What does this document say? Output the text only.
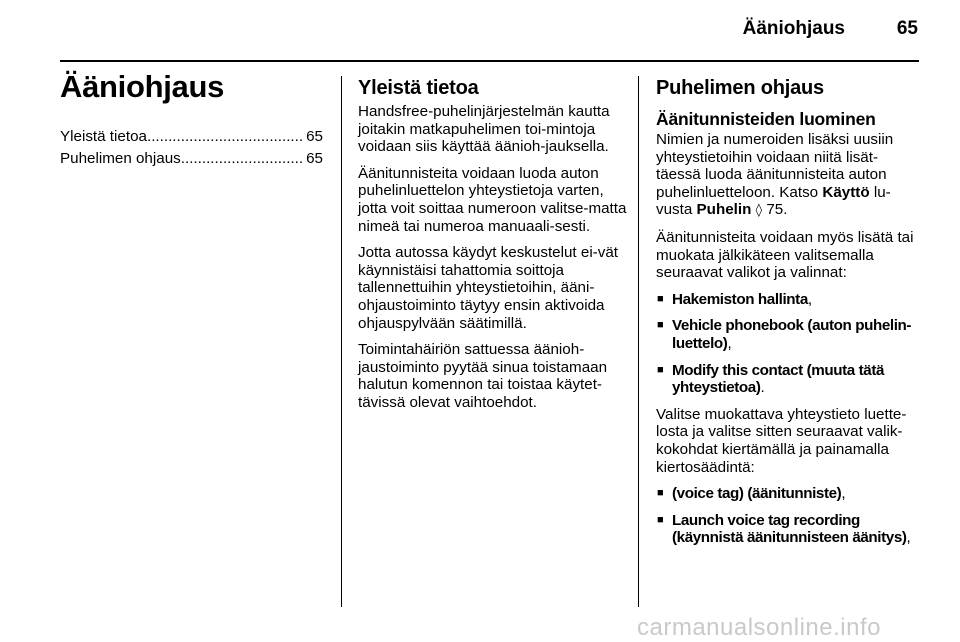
Ääniohjaus	65
Ääniohjaus
Yleistä tietoa .....	65
Puhelimen ohjaus .....	65
Yleistä tietoa

Handsfree-puhelinjärjestelmän kautta joitakin matkapuhelimen toi-mintoja voidaan siis käyttää äänioh-jauksella.

Äänitunnisteita voidaan luoda auton puhelinluettelon yhteystietoja varten, jotta voit soittaa numeroon valitse-matta nimeä tai numeroa manuaali-sesti.

Jotta autossa käydyt keskustelut ei-vät käynnistäisi tahattomia soittoja tallennettuihin yhteystietoihin, ääni-ohjaustoiminto täytyy ensin aktivoida ohjauspylvään säätimillä.

Toimintahäiriön sattuessa äänioh-jaustoiminto pyytää sinua toistamaan halutun komennon tai toistaa käytet-tävissä olevat vaihtoehdot.

Puhelimen ohjaus
Äänitunnisteiden luominen

Nimien ja numeroiden lisäksi uusiin yhteystietoihin voidaan niitä lisät-täessä luoda äänitunnisteita auton puhelinluetteloon. Katso Käyttö lu-vusta Puhelin ◊ 75.

Äänitunnisteita voidaan myös lisätä tai muokata jälkikäteen valitsemalla seuraavat valikot ja valinnat:

■ Hakemiston hallinta,
■ Vehicle phonebook (auton puhelin-luettelo),
■ Modify this contact (muuta tätä yhteystietoa).

Valitse muokattava yhteystieto luette-losta ja valitse sitten seuraavat valik-kokohdat kiertämällä ja painamalla kiertosäädintä:

■ (voice tag) (äänitunniste),
■ Launch voice tag recording (käynnistä äänitunnisteen äänitys),
carmanualsonline.info
